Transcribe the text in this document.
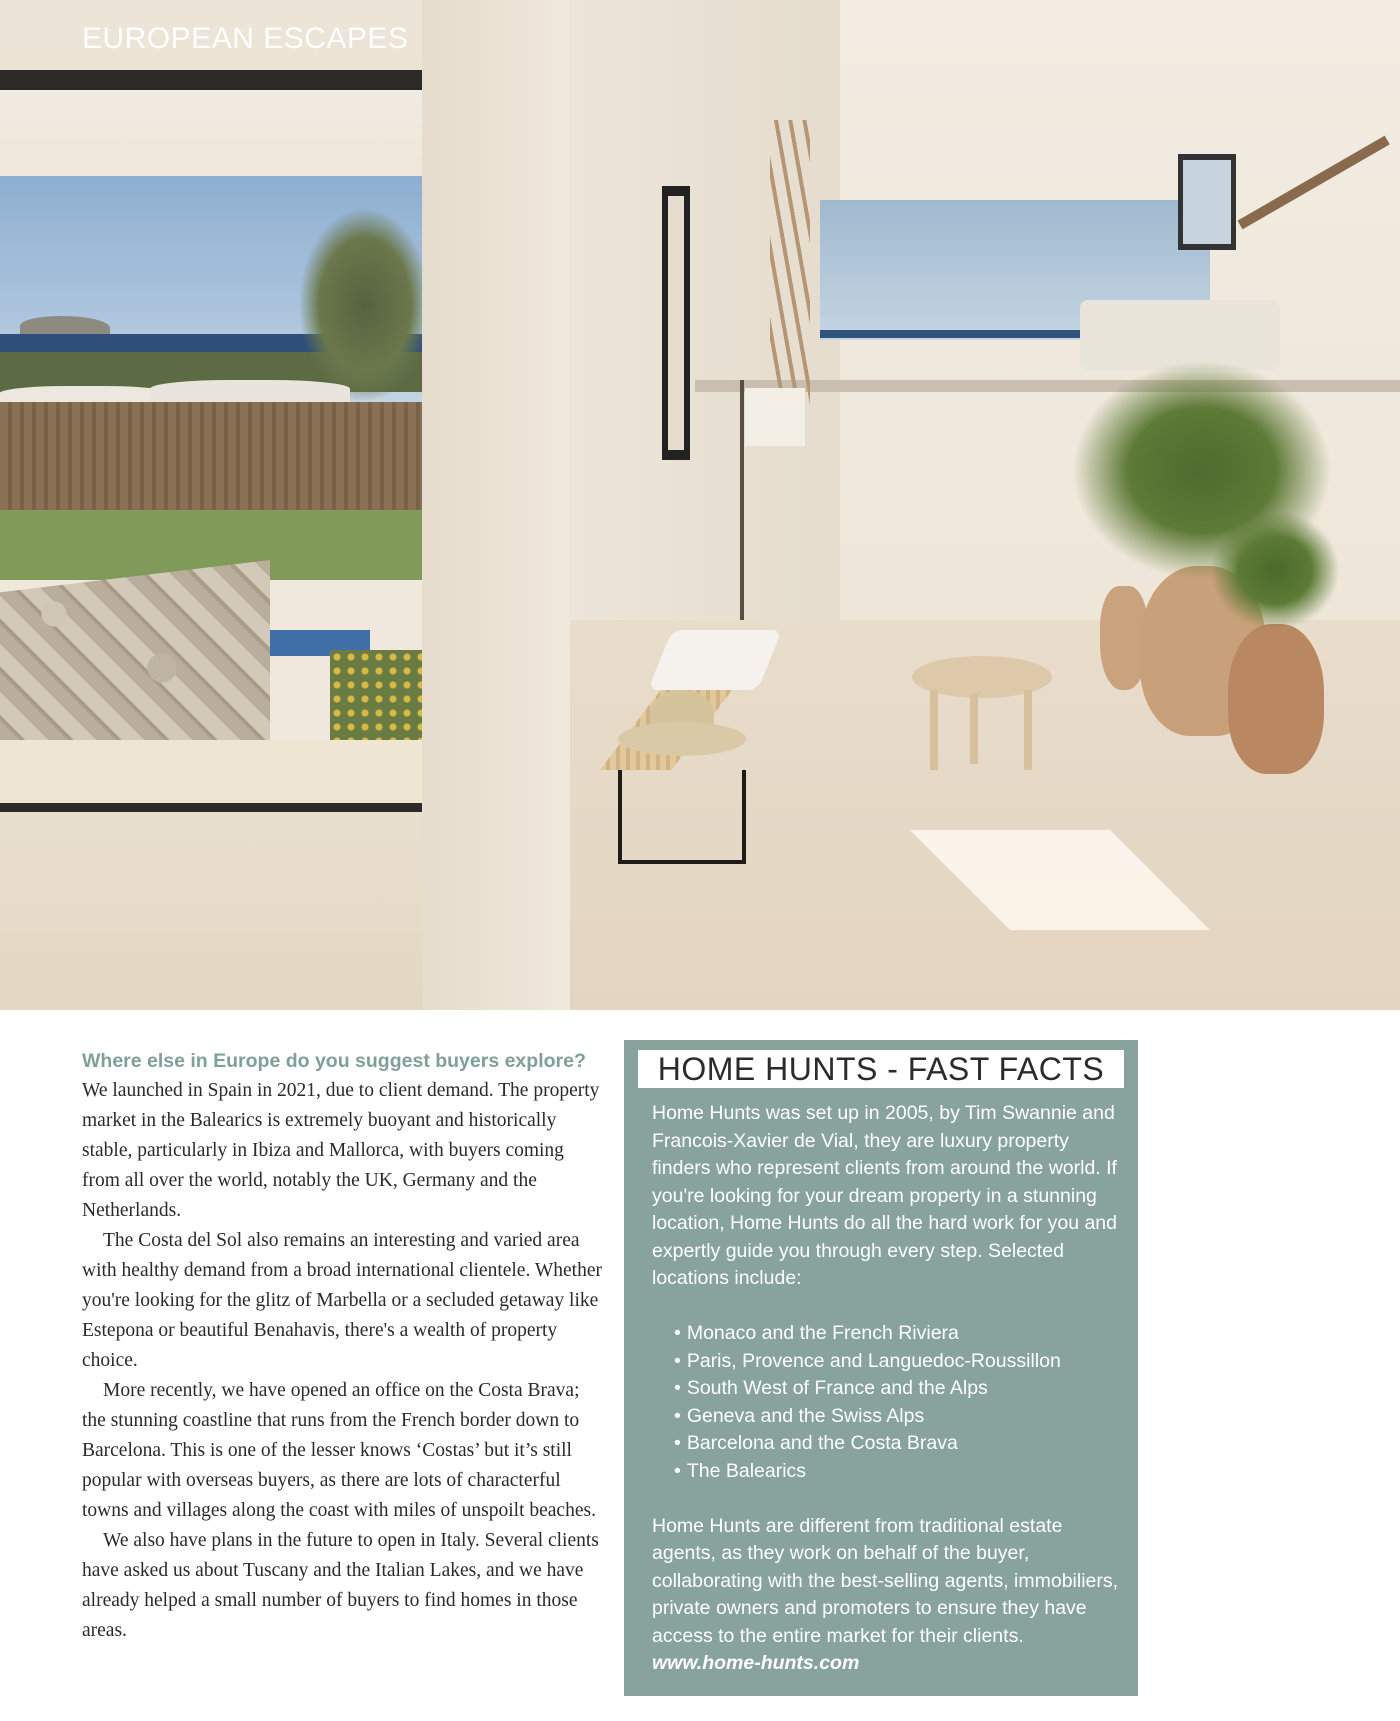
EUROPEAN ESCAPES
Where else in Europe do you suggest buyers explore?

We launched in Spain in 2021, due to client demand. The property market in the Balearics is extremely buoyant and historically stable, particularly in Ibiza and Mallorca, with buyers coming from all over the world, notably the UK, Germany and the Netherlands.

The Costa del Sol also remains an interesting and varied area with healthy demand from a broad international clientele. Whether you're looking for the glitz of Marbella or a secluded getaway like Estepona or beautiful Benahavis, there's a wealth of property choice.

More recently, we have opened an office on the Costa Brava; the stunning coastline that runs from the French border down to Barcelona. This is one of the lesser knows ‘Costas’ but it’s still popular with overseas buyers, as there are lots of characterful towns and villages along the coast with miles of unspoilt beaches.

We also have plans in the future to open in Italy. Several clients have asked us about Tuscany and the Italian Lakes, and we have already helped a small number of buyers to find homes in those areas.

HOME HUNTS - FAST FACTS

Home Hunts was set up in 2005, by Tim Swannie and Francois-Xavier de Vial, they are luxury property finders who represent clients from around the world. If you're looking for your dream property in a stunning location, Home Hunts do all the hard work for you and expertly guide you through every step. Selected locations include:

• Monaco and the French Riviera
• Paris, Provence and Languedoc-Roussillon
• South West of France and the Alps
• Geneva and the Swiss Alps
• Barcelona and the Costa Brava
• The Balearics

Home Hunts are different from traditional estate agents, as they work on behalf of the buyer, collaborating with the best-selling agents, immobiliers, private owners and promoters to ensure they have access to the entire market for their clients.

www.home-hunts.com
